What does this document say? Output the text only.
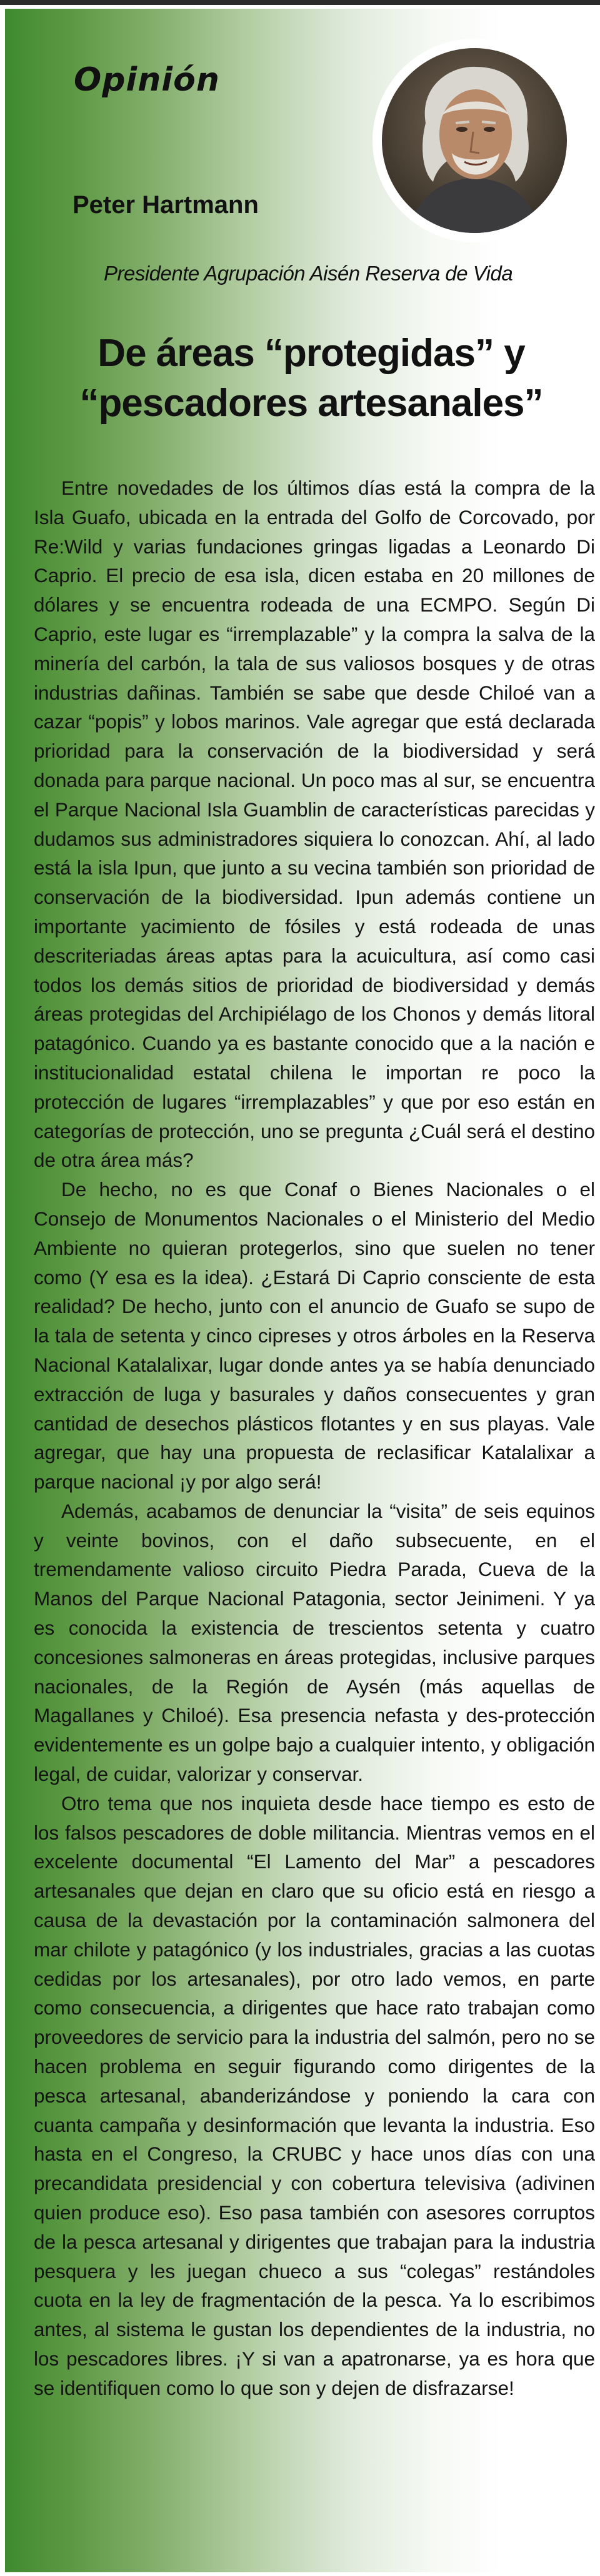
Opinión
Peter Hartmann

Presidente Agrupación Aisén Reserva de Vida

De áreas “protegidas” y
“pescadores artesanales”

Entre novedades de los últimos días está la compra de la Isla Guafo, ubicada en la entrada del Golfo de Corcovado, por Re:Wild y varias fundaciones gringas ligadas a Leonardo Di Caprio. El precio de esa isla, dicen estaba en 20 millones de dólares y se encuentra rodeada de una ECMPO. Según Di Caprio, este lugar es “irremplazable” y la compra la salva de la minería del carbón, la tala de sus valiosos bosques y de otras industrias dañinas. También se sabe que desde Chiloé van a cazar “popis” y lobos marinos. Vale agregar que está declarada prioridad para la conservación de la biodiversidad y será donada para parque nacional. Un poco mas al sur, se encuentra el Parque Nacional Isla Guamblin de características parecidas y dudamos sus administradores siquiera lo conozcan. Ahí, al lado está la isla Ipun, que junto a su vecina también son prioridad de conservación de la biodiversidad. Ipun además contiene un importante yacimiento de fósiles y está rodeada de unas descriteriadas áreas aptas para la acuicultura, así como casi todos los demás sitios de prioridad de biodiversidad y demás áreas protegidas del Archipiélago de los Chonos y demás litoral patagónico. Cuando ya es bastante conocido que a la nación e institucionalidad estatal chilena le importan re poco la protección de lugares “irremplazables” y que por eso están en categorías de protección, uno se pregunta ¿Cuál será el destino de otra área más?

De hecho, no es que Conaf o Bienes Nacionales o el Consejo de Monumentos Nacionales o el Ministerio del Medio Ambiente no quieran protegerlos, sino que suelen no tener como (Y esa es la idea). ¿Estará Di Caprio consciente de esta realidad? De hecho, junto con el anuncio de Guafo se supo de la tala de setenta y cinco cipreses y otros árboles en la Reserva Nacional Katalalixar, lugar donde antes ya se había denunciado extracción de luga y basurales y daños consecuentes y gran cantidad de desechos plásticos flotantes y en sus playas. Vale agregar, que hay una propuesta de reclasificar Katalalixar a parque nacional ¡y por algo será!

Además, acabamos de denunciar la “visita” de seis equinos y veinte bovinos, con el daño subsecuente, en el tremendamente valioso circuito Piedra Parada, Cueva de la Manos del Parque Nacional Patagonia, sector Jeinimeni. Y ya es conocida la existencia de trescientos setenta y cuatro concesiones salmoneras en áreas protegidas, inclusive parques nacionales, de la Región de Aysén (más aquellas de Magallanes y Chiloé). Esa presencia nefasta y des-protección evidentemente es un golpe bajo a cualquier intento, y obligación legal, de cuidar, valorizar y conservar.

Otro tema que nos inquieta desde hace tiempo es esto de los falsos pescadores de doble militancia. Mientras vemos en el excelente documental “El Lamento del Mar” a pescadores artesanales que dejan en claro que su oficio está en riesgo a causa de la devastación por la contaminación salmonera del mar chilote y patagónico (y los industriales, gracias a las cuotas cedidas por los artesanales), por otro lado vemos, en parte como consecuencia, a dirigentes que hace rato trabajan como proveedores de servicio para la industria del salmón, pero no se hacen problema en seguir figurando como dirigentes de la pesca artesanal, abanderizándose y poniendo la cara con cuanta campaña y desinformación que levanta la industria. Eso hasta en el Congreso, la CRUBC y hace unos días con una precandidata presidencial y con cobertura televisiva (adivinen quien produce eso). Eso pasa también con asesores corruptos de la pesca artesanal y dirigentes que trabajan para la industria pesquera y les juegan chueco a sus “colegas” restándoles cuota en la ley de fragmentación de la pesca. Ya lo escribimos antes, al sistema le gustan los dependientes de la industria, no los pescadores libres. ¡Y si van a apatronarse, ya es hora que se identifiquen como lo que son y dejen de disfrazarse!
